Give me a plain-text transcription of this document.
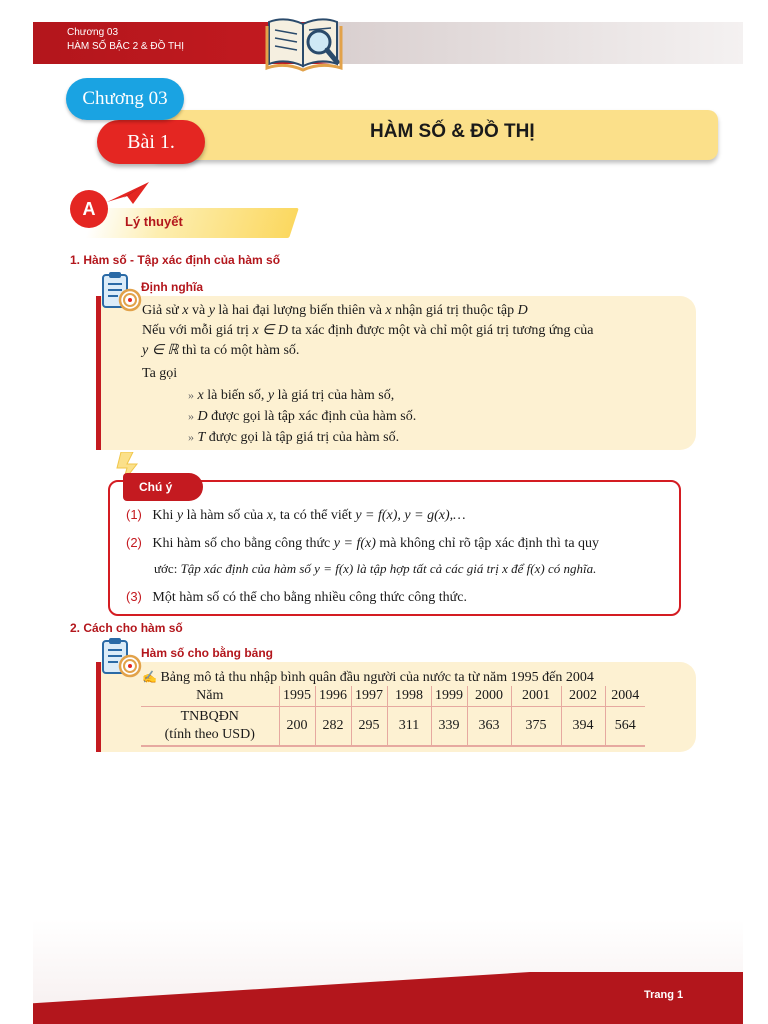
Chương 03
HÀM SỐ BẬC 2 & ĐỒ THỊ
HÀM SỐ & ĐỒ THỊ
Bài 1.
Chương 03
A
Lý thuyết
1. Hàm số - Tập xác định của hàm số
Định nghĩa
Giả sử x và y là hai đại lượng biến thiên và x nhận giá trị thuộc tập D
Nếu với mỗi giá trị x ∈ D ta xác định được một và chỉ một giá trị tương ứng của
y ∈ ℝ thì ta có một hàm số.
Ta gọi
» x là biến số, y là giá trị của hàm số,
» D được gọi là tập xác định của hàm số.
» T được gọi là tập giá trị của hàm số.
Chú ý
(1) Khi y là hàm số của x, ta có thể viết y = f(x), y = g(x),…
(2) Khi hàm số cho bằng công thức y = f(x) mà không chỉ rõ tập xác định thì ta quy
ước: Tập xác định của hàm số y = f(x) là tập hợp tất cả các giá trị x để f(x) có nghĩa.
(3) Một hàm số có thể cho bằng nhiều công thức công thức.
2. Cách cho hàm số
Hàm số cho bằng bảng
✍ Bảng mô tả thu nhập bình quân đầu người của nước ta từ năm 1995 đến 2004
Năm	1995	1996	1997	1998	1999	2000	2001	2002	2004

TNBQĐN
(tính theo USD)	200	282	295	311	339	363	375	394	564
Trang 1
